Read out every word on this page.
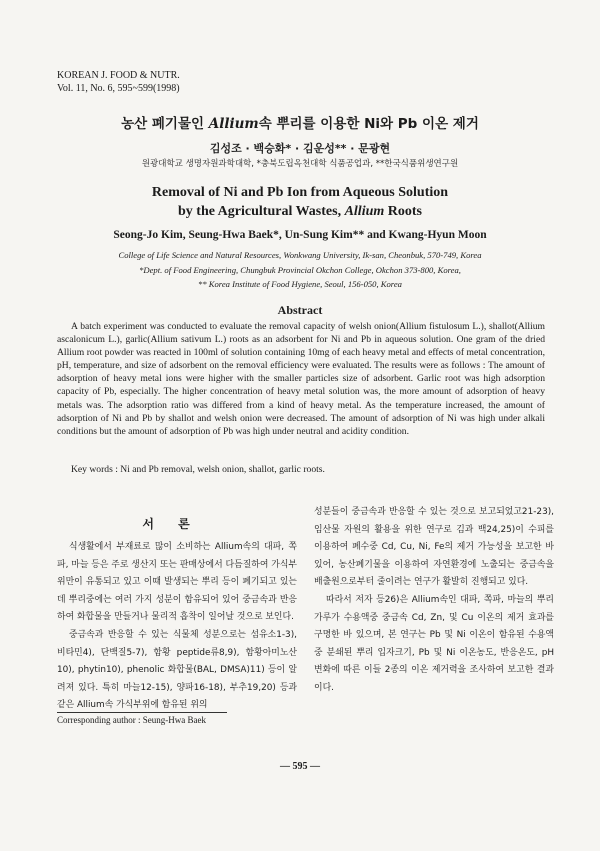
KOREAN J. FOOD & NUTR.
Vol. 11, No. 6, 595~599(1998)
농산 폐기물인 Allium속 뿌리를 이용한 Ni와 Pb 이온 제거
김성조 · 백승화* · 김운성** · 문광현
원광대학교 생명자원과학대학, *충북도립옥천대학 식품공업과, **한국식품위생연구원
Removal of Ni and Pb Ion from Aqueous Solution
by the Agricultural Wastes, Allium Roots
Seong-Jo Kim, Seung-Hwa Baek*, Un-Sung Kim** and Kwang-Hyun Moon
College of Life Science and Natural Resources, Wonkwang University, Ik-san, Cheonbuk, 570-749, Korea
*Dept. of Food Engineering, Chungbuk Provincial Okchon College, Okchon 373-800, Korea,
** Korea Institute of Food Hygiene, Seoul, 156-050, Korea
Abstract

A batch experiment was conducted to evaluate the removal capacity of welsh onion(Allium fistulosum L.), shallot(Allium ascalonicum L.), garlic(Allium sativum L.) roots as an adsorbent for Ni and Pb in aqueous solution. One gram of the dried Allium root powder was reacted in 100ml of solution containing 10mg of each heavy metal and effects of metal concentration, pH, temperature, and size of adsorbent on the removal efficiency were evaluated. The results were as follows : The amount of adsorption of heavy metal ions were higher with the smaller particles size of adsorbent. Garlic root was high adsorption capacity of Pb, especially. The higher concentration of heavy metal solution was, the more amount of adsorption of heavy metals was. The adsorption ratio was differed from a kind of heavy metal. As the temperature increased, the amount of adsorption of Ni and Pb by shallot and welsh onion were decreased. The amount of adsorption of Ni was high under alkali conditions but the amount of adsorption of Pb was high under neutral and acidity condition.

Key words : Ni and Pb removal, welsh onion, shallot, garlic roots.
서 론

식생활에서 부재료로 많이 소비하는 Allium속의 대파, 쪽파, 마늘 등은 주로 생산지 또는 판매상에서 다듬질하여 가식부위만이 유통되고 있고 이때 발생되는 뿌리 등이 폐기되고 있는데 뿌리중에는 여러 가지 성분이 함유되어 있어 중금속과 반응하여 화합물을 만들거나 물리적 흡착이 일어날 것으로 보인다.

중금속과 반응할 수 있는 식물체 성분으로는 섬유소1-3), 비타민4), 단백질5-7), 함황 peptide류8,9), 함황아미노산10), phytin10), phenolic 화합물(BAL, DMSA)11) 등이 알려져 있다. 특히 마늘12-15), 양파16-18), 부추19,20) 등과 같은 Allium속 가식부위에 함유된 위의

성분들이 중금속과 반응할 수 있는 것으로 보고되었고21-23), 임산물 자원의 활용을 위한 연구로 김과 백24,25)이 수피를 이용하여 폐수중 Cd, Cu, Ni, Fe의 제거 가능성을 보고한 바 있어, 농산폐기물을 이용하여 자연환경에 노출되는 중금속을 배출원으로부터 줄이려는 연구가 활발히 진행되고 있다.

따라서 저자 등26)은 Allium속인 대파, 쪽파, 마늘의 뿌리 가루가 수용액중 중금속 Cd, Zn, 및 Cu 이온의 제거 효과를 구명한 바 있으며, 본 연구는 Pb 및 Ni 이온이 함유된 수용액 중 분쇄된 뿌리 입자크기, Pb 및 Ni 이온농도, 반응온도, pH 변화에 따른 이들 2종의 이온 제거력을 조사하여 보고한 결과이다.

Corresponding author : Seung-Hwa Baek
— 595 —
